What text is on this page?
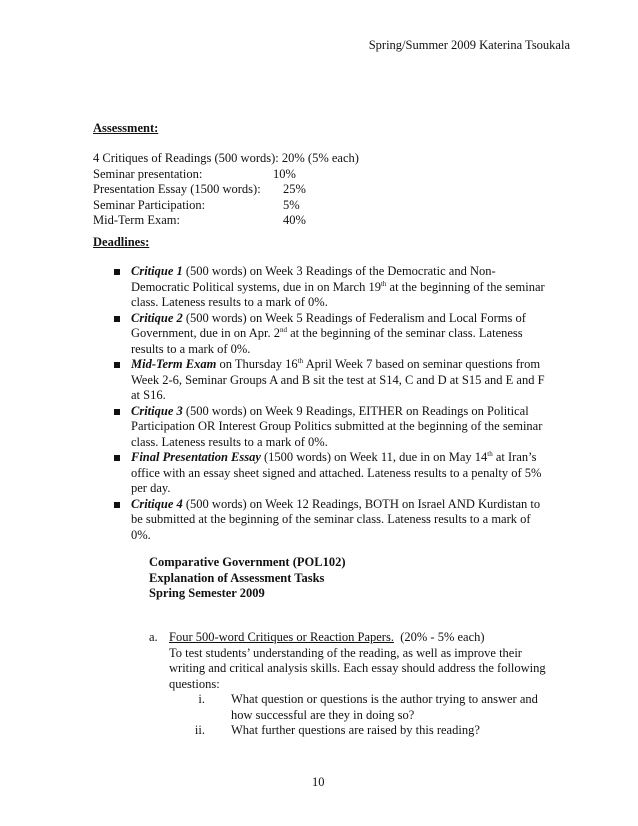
Spring/Summer 2009 Katerina Tsoukala
Assessment:
4 Critiques of Readings (500 words): 20% (5% each)
Seminar presentation:	10%
Presentation Essay (1500 words): 25%
Seminar Participation:	5%
Mid-Term Exam:	40%
Deadlines:
Critique 1 (500 words) on Week 3 Readings of the Democratic and Non-Democratic Political systems, due in on March 19th at the beginning of the seminar class. Lateness results to a mark of 0%.
Critique 2 (500 words) on Week 5 Readings of Federalism and Local Forms of Government, due in on Apr. 2nd at the beginning of the seminar class. Lateness results to a mark of 0%.
Mid-Term Exam on Thursday 16th April Week 7 based on seminar questions from Week 2-6, Seminar Groups A and B sit the test at S14, C and D at S15 and E and F at S16.
Critique 3 (500 words) on Week 9 Readings, EITHER on Readings on Political Participation OR Interest Group Politics submitted at the beginning of the seminar class. Lateness results to a mark of 0%.
Final Presentation Essay (1500 words) on Week 11, due in on May 14th at Iran’s office with an essay sheet signed and attached. Lateness results to a penalty of 5% per day.
Critique 4 (500 words) on Week 12 Readings, BOTH on Israel AND Kurdistan to be submitted at the beginning of the seminar class. Lateness results to a mark of 0%.
Comparative Government (POL102)
Explanation of Assessment Tasks
Spring Semester 2009
a. Four 500-word Critiques or Reaction Papers.  (20% - 5% each)
To test students’ understanding of the reading, as well as improve their writing and critical analysis skills. Each essay should address the following questions:
i.	What question or questions is the author trying to answer and how successful are they in doing so?
ii.	What further questions are raised by this reading?
10
